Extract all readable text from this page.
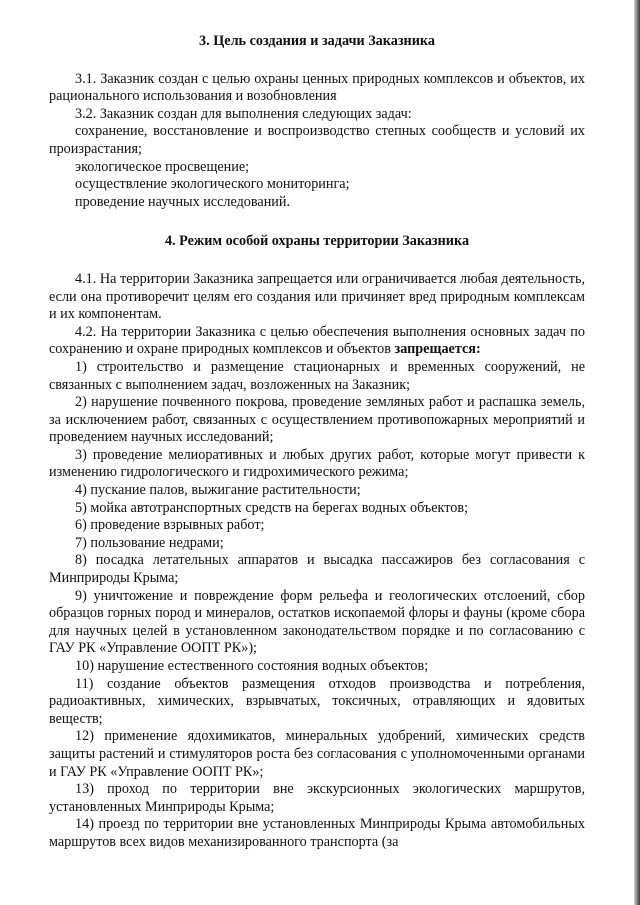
3. Цель создания и задачи Заказника

3.1. Заказник создан с целью охраны ценных природных комплексов и объектов, их рационального использования и возобновления

3.2. Заказник создан для выполнения следующих задач:

сохранение, восстановление и воспроизводство степных сообществ и условий их произрастания;

экологическое просвещение;

осуществление экологического мониторинга;

проведение научных исследований.

4. Режим особой охраны территории Заказника

4.1. На территории Заказника запрещается или ограничивается любая деятельность, если она противоречит целям его создания или причиняет вред природным комплексам и их компонентам.

4.2. На территории Заказника с целью обеспечения выполнения основных задач по сохранению и охране природных комплексов и объектов запрещается:

1) строительство и размещение стационарных и временных сооружений, не связанных с выполнением задач, возложенных на Заказник;

2) нарушение почвенного покрова, проведение земляных работ и распашка земель, за исключением работ, связанных с осуществлением противопожарных мероприятий и проведением научных исследований;

3) проведение мелиоративных и любых других работ, которые могут привести к изменению гидрологического и гидрохимического режима;

4) пускание палов, выжигание растительности;

5) мойка автотранспортных средств на берегах водных объектов;

6) проведение взрывных работ;

7) пользование недрами;

8) посадка летательных аппаратов и высадка пассажиров без согласования с Минприроды Крыма;

9) уничтожение и повреждение форм рельефа и геологических отслоений, сбор образцов горных пород и минералов, остатков ископаемой флоры и фауны (кроме сбора для научных целей в установленном законодательством порядке и по согласованию с ГАУ РК «Управление ООПТ РК»);

10) нарушение естественного состояния водных объектов;

11) создание объектов размещения отходов производства и потребления, радиоактивных, химических, взрывчатых, токсичных, отравляющих и ядовитых веществ;

12) применение ядохимикатов, минеральных удобрений, химических средств защиты растений и стимуляторов роста без согласования с уполномоченными органами и ГАУ РК «Управление ООПТ РК»;

13) проход по территории вне экскурсионных экологических маршрутов, установленных Минприроды Крыма;

14) проезд по территории вне установленных Минприроды Крыма автомобильных маршрутов всех видов механизированного транспорта (за
